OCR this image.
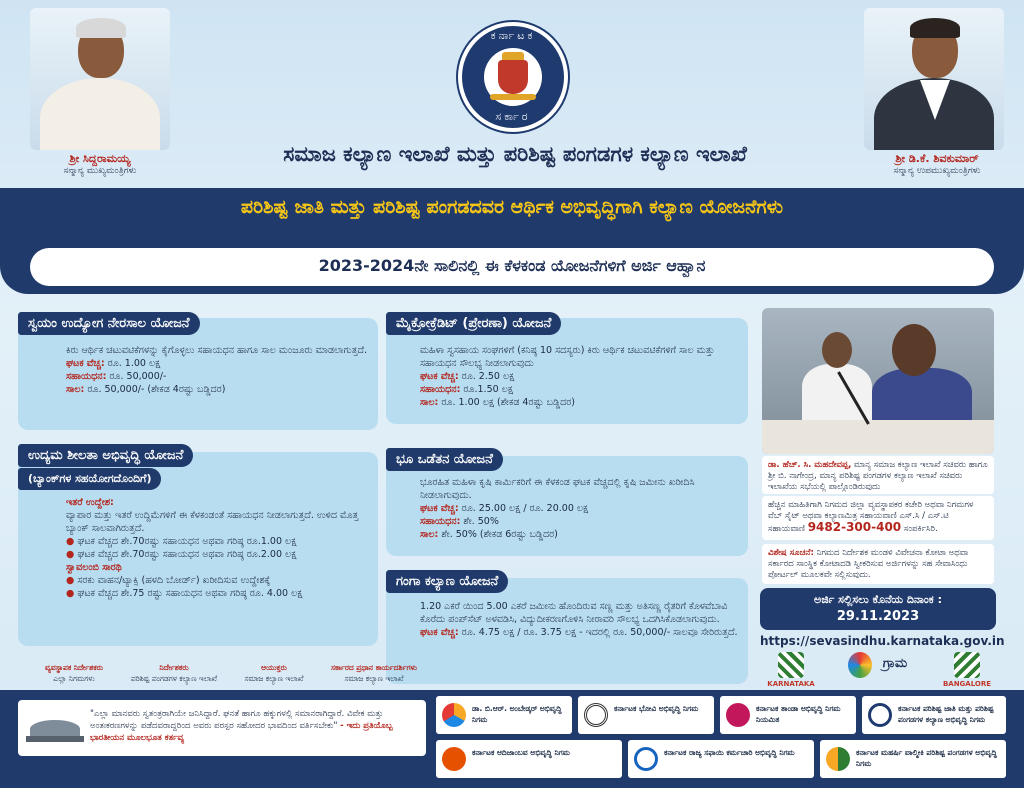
ಶ್ರೀ ಸಿದ್ದರಾಮಯ್ಯ
ಸನ್ಮಾನ್ಯ ಮುಖ್ಯಮಂತ್ರಿಗಳು
ಕರ್ನಾಟಕ
ಸರ್ಕಾರ
ಶ್ರೀ ಡಿ.ಕೆ. ಶಿವಕುಮಾರ್
ಸನ್ಮಾನ್ಯ ಉಪಮುಖ್ಯಮಂತ್ರಿಗಳು
ಸಮಾಜ ಕಲ್ಯಾಣ ಇಲಾಖೆ ಮತ್ತು ಪರಿಶಿಷ್ಟ ಪಂಗಡಗಳ ಕಲ್ಯಾಣ ಇಲಾಖೆ
ಪರಿಶಿಷ್ಟ ಜಾತಿ ಮತ್ತು ಪರಿಶಿಷ್ಟ ಪಂಗಡದವರ ಆರ್ಥಿಕ ಅಭಿವೃದ್ಧಿಗಾಗಿ ಕಲ್ಯಾಣ ಯೋಜನೆಗಳು
2023-2024ನೇ ಸಾಲಿನಲ್ಲಿ ಈ ಕೆಳಕಂಡ ಯೋಜನೆಗಳಿಗೆ ಅರ್ಜಿ ಆಹ್ವಾನ
ಸ್ವಯಂ ಉದ್ಯೋಗ ನೇರಸಾಲ ಯೋಜನೆ
ಕಿರು ಆರ್ಥಿಕ ಚಟುವಟಿಕೆಗಳನ್ನು ಕೈಗೊಳ್ಳಲು ಸಹಾಯಧನ ಹಾಗೂ ಸಾಲ ಮಂಜೂರು ಮಾಡಲಾಗುತ್ತದೆ.
ಘಟಕ ವೆಚ್ಚ: ರೂ. 1.00 ಲಕ್ಷ
ಸಹಾಯಧನ: ರೂ. 50,000/-
ಸಾಲ: ರೂ. 50,000/- (ಶೇಕಡ 4ರಷ್ಟು ಬಡ್ಡಿದರ)
ಉದ್ಯಮ ಶೀಲತಾ ಅಭಿವೃದ್ಧಿ ಯೋಜನೆ
(ಬ್ಯಾಂಕ್‌ಗಳ ಸಹಯೋಗದೊಂದಿಗೆ)
ಇತರೆ ಉದ್ದೇಶ:
ವ್ಯಾಪಾರ ಮತ್ತು ಇತರೆ ಉದ್ದಿಮೆಗಳಿಗೆ ಈ ಕೆಳಕಂಡಂತೆ ಸಹಾಯಧನ ನೀಡಲಾಗುತ್ತದೆ. ಉಳಿದ ಮೊತ್ತ ಬ್ಯಾಂಕ್ ಸಾಲವಾಗಿರುತ್ತದೆ.
● ಘಟಕ ವೆಚ್ಚದ ಶೇ.70ರಷ್ಟು ಸಹಾಯಧನ ಅಥವಾ ಗರಿಷ್ಠ ರೂ.1.00 ಲಕ್ಷ
● ಘಟಕ ವೆಚ್ಚದ ಶೇ.70ರಷ್ಟು ಸಹಾಯಧನ ಅಥವಾ ಗರಿಷ್ಠ ರೂ.2.00 ಲಕ್ಷ
ಸ್ವಾವಲಂಬಿ ಸಾರಥಿ
● ಸರಕು ವಾಹನ/ಟ್ಯಾಕ್ಸಿ (ಹಳದಿ ಬೋರ್ಡ್) ಖರೀದಿಸುವ ಉದ್ದೇಶಕ್ಕೆ
● ಘಟಕ ವೆಚ್ಚದ ಶೇ.75 ರಷ್ಟು ಸಹಾಯಧನ ಅಥವಾ ಗರಿಷ್ಠ ರೂ. 4.00 ಲಕ್ಷ
ಮೈಕ್ರೋಕ್ರೆಡಿಟ್ (ಪ್ರೇರಣಾ) ಯೋಜನೆ
ಮಹಿಳಾ ಸ್ವಸಹಾಯ ಸಂಘಗಳಿಗೆ (ಕನಿಷ್ಠ 10 ಸದಸ್ಯರು) ಕಿರು ಆರ್ಥಿಕ ಚಟುವಟಿಕೆಗಳಿಗೆ ಸಾಲ ಮತ್ತು ಸಹಾಯಧನ ಸೌಲಭ್ಯ ನೀಡಲಾಗುವುದು
ಘಟಕ ವೆಚ್ಚ: ರೂ. 2.50 ಲಕ್ಷ
ಸಹಾಯಧನ: ರೂ.1.50 ಲಕ್ಷ
ಸಾಲ: ರೂ. 1.00 ಲಕ್ಷ (ಶೇಕಡ 4ರಷ್ಟು ಬಡ್ಡಿದರ)
ಭೂ ಒಡೆತನ ಯೋಜನೆ
ಭೂರಹಿತ ಮಹಿಳಾ ಕೃಷಿ ಕಾರ್ಮಿಕರಿಗೆ ಈ ಕೆಳಕಂಡ ಘಟಕ ವೆಚ್ಚದಲ್ಲಿ ಕೃಷಿ ಜಮೀನು ಖರೀದಿಸಿ ನೀಡಲಾಗುವುದು.
ಘಟಕ ವೆಚ್ಚ: ರೂ. 25.00 ಲಕ್ಷ / ರೂ. 20.00 ಲಕ್ಷ
ಸಹಾಯಧನ: ಶೇ. 50%
ಸಾಲ: ಶೇ. 50% (ಶೇಕಡ 6ರಷ್ಟು ಬಡ್ಡಿದರ)
ಗಂಗಾ ಕಲ್ಯಾಣ ಯೋಜನೆ
1.20 ಎಕರೆ ಯಿಂದ 5.00 ಎಕರೆ ಜಮೀನು ಹೊಂದಿರುವ ಸಣ್ಣ ಮತ್ತು ಅತಿಸಣ್ಣ ರೈತರಿಗೆ ಕೊಳವೆಬಾವಿ ಕೊರೆದು ಪಂಪ್‌ಸೆಟ್ ಅಳವಡಿಸಿ, ವಿದ್ಯುದೀಕರಣಗೊಳಿಸಿ ನೀರಾವರಿ ಸೌಲಭ್ಯ ಒದಗಿಸಿಕೊಡಲಾಗುವುದು.
ಘಟಕ ವೆಚ್ಚ: ರೂ. 4.75 ಲಕ್ಷ / ರೂ. 3.75 ಲಕ್ಷ - ಇದರಲ್ಲಿ ರೂ. 50,000/- ಸಾಲವೂ ಸೇರಿರುತ್ತದೆ.
ಡಾ. ಹೆಚ್. ಸಿ. ಮಹದೇವಪ್ಪ, ಮಾನ್ಯ ಸಮಾಜ ಕಲ್ಯಾಣ ಇಲಾಖೆ ಸಚಿವರು ಹಾಗೂ ಶ್ರೀ ಬಿ. ನಾಗೇಂದ್ರ, ಮಾನ್ಯ ಪರಿಶಿಷ್ಟ ಪಂಗಡಗಳ ಕಲ್ಯಾಣ ಇಲಾಖೆ ಸಚಿವರು ಇಲಾಖೆಯ ಸಭೆಯಲ್ಲಿ ಪಾಲ್ಗೊಂಡಿರುವುದು
ಹೆಚ್ಚಿನ ಮಾಹಿತಿಗಾಗಿ ನಿಗಮದ ಜಿಲ್ಲಾ ವ್ಯವಸ್ಥಾಪಕರ ಕಚೇರಿ ಅಥವಾ ನಿಗಮಗಳ ವೆಬ್ ಸೈಟ್ ಅಥವಾ ಕಲ್ಯಾಣಮಿತ್ರ ಸಹಾಯವಾಣಿ ಎಸ್.ಸಿ / ಎಸ್.ಟಿ ಸಹಾಯವಾಣಿ 9482-300-400 ಸಂಪರ್ಕಿಸಿರಿ.
ವಿಶೇಷ ಸೂಚನೆ: ನಿಗಮದ ನಿರ್ದೇಶಕ ಮಂಡಳಿ ವಿವೇಚನಾ ಕೋಟಾ ಅಥವಾ ಸರ್ಕಾರದ ಸಾಂಸ್ಥಿಕ ಕೋಟಾದಡಿ ಸ್ವೀಕರಿಸುವ ಅರ್ಜಿಗಳನ್ನು ಸಹ ಸೇವಾಸಿಂಧು ಪೋರ್ಟಲ್ ಮೂಲಕವೇ ಸಲ್ಲಿಸುವುದು.
ಅರ್ಜಿ ಸಲ್ಲಿಸಲು ಕೊನೆಯ ದಿನಾಂಕ :
29.11.2023
https://sevasindhu.karnataka.gov.in
KARNATAKA
ಗ್ರಾಮ
BANGALORE
ವ್ಯವಸ್ಥಾಪಕ ನಿರ್ದೇಶಕರು
ಎಲ್ಲಾ ನಿಗಮಗಳು
ನಿರ್ದೇಶಕರು
ಪರಿಶಿಷ್ಟ ಪಂಗಡಗಳ ಕಲ್ಯಾಣ ಇಲಾಖೆ
ಆಯುಕ್ತರು
ಸಮಾಜ ಕಲ್ಯಾಣ ಇಲಾಖೆ
ಸರ್ಕಾರದ ಪ್ರಧಾನ ಕಾರ್ಯದರ್ಶಿಗಳು
ಸಮಾಜ ಕಲ್ಯಾಣ ಇಲಾಖೆ
"ಎಲ್ಲಾ ಮಾನವರು ಸ್ವತಂತ್ರರಾಗಿಯೇ ಜನಿಸಿದ್ದಾರೆ. ಘನತೆ ಹಾಗೂ ಹಕ್ಕುಗಳಲ್ಲಿ ಸಮಾನರಾಗಿದ್ದಾರೆ. ವಿವೇಕ ಮತ್ತು ಅಂತಃಕರಣಗಳನ್ನು ಪಡೆದವರಾದ್ದರಿಂದ ಅವರು ಪರಸ್ಪರ ಸಹೋದರ ಭಾವದಿಂದ ವರ್ತಿಸಬೇಕು" - ಇದು ಪ್ರತಿಯೊಬ್ಬ ಭಾರತೀಯನ ಮೂಲಭೂತ ಕರ್ತವ್ಯ
ಡಾ. ಬಿ.ಆರ್. ಅಂಬೇಡ್ಕರ್ ಅಭಿವೃದ್ಧಿ ನಿಗಮ
ಕರ್ನಾಟಕ ಭೋವಿ ಅಭಿವೃದ್ಧಿ ನಿಗಮ	ಕರ್ನಾಟಕ ತಾಂಡಾ ಅಭಿವೃದ್ಧಿ ನಿಗಮ ನಿಯಮಿತ
ಕರ್ನಾಟಕ ಪರಿಶಿಷ್ಟ ಜಾತಿ ಮತ್ತು ಪರಿಶಿಷ್ಟ ಪಂಗಡಗಳ ಕಲ್ಯಾಣ ಅಭಿವೃದ್ಧಿ ನಿಗಮ
ಕರ್ನಾಟಕ ಆದಿಜಾಂಬವ ಅಭಿವೃದ್ಧಿ ನಿಗಮ	ಕರ್ನಾಟಕ ರಾಜ್ಯ ಸಫಾಯಿ ಕರ್ಮಚಾರಿ ಅಭಿವೃದ್ಧಿ ನಿಗಮ	ಕರ್ನಾಟಕ ಮಹರ್ಷಿ ವಾಲ್ಮೀಕಿ ಪರಿಶಿಷ್ಟ ಪಂಗಡಗಳ ಅಭಿವೃದ್ಧಿ ನಿಗಮ
